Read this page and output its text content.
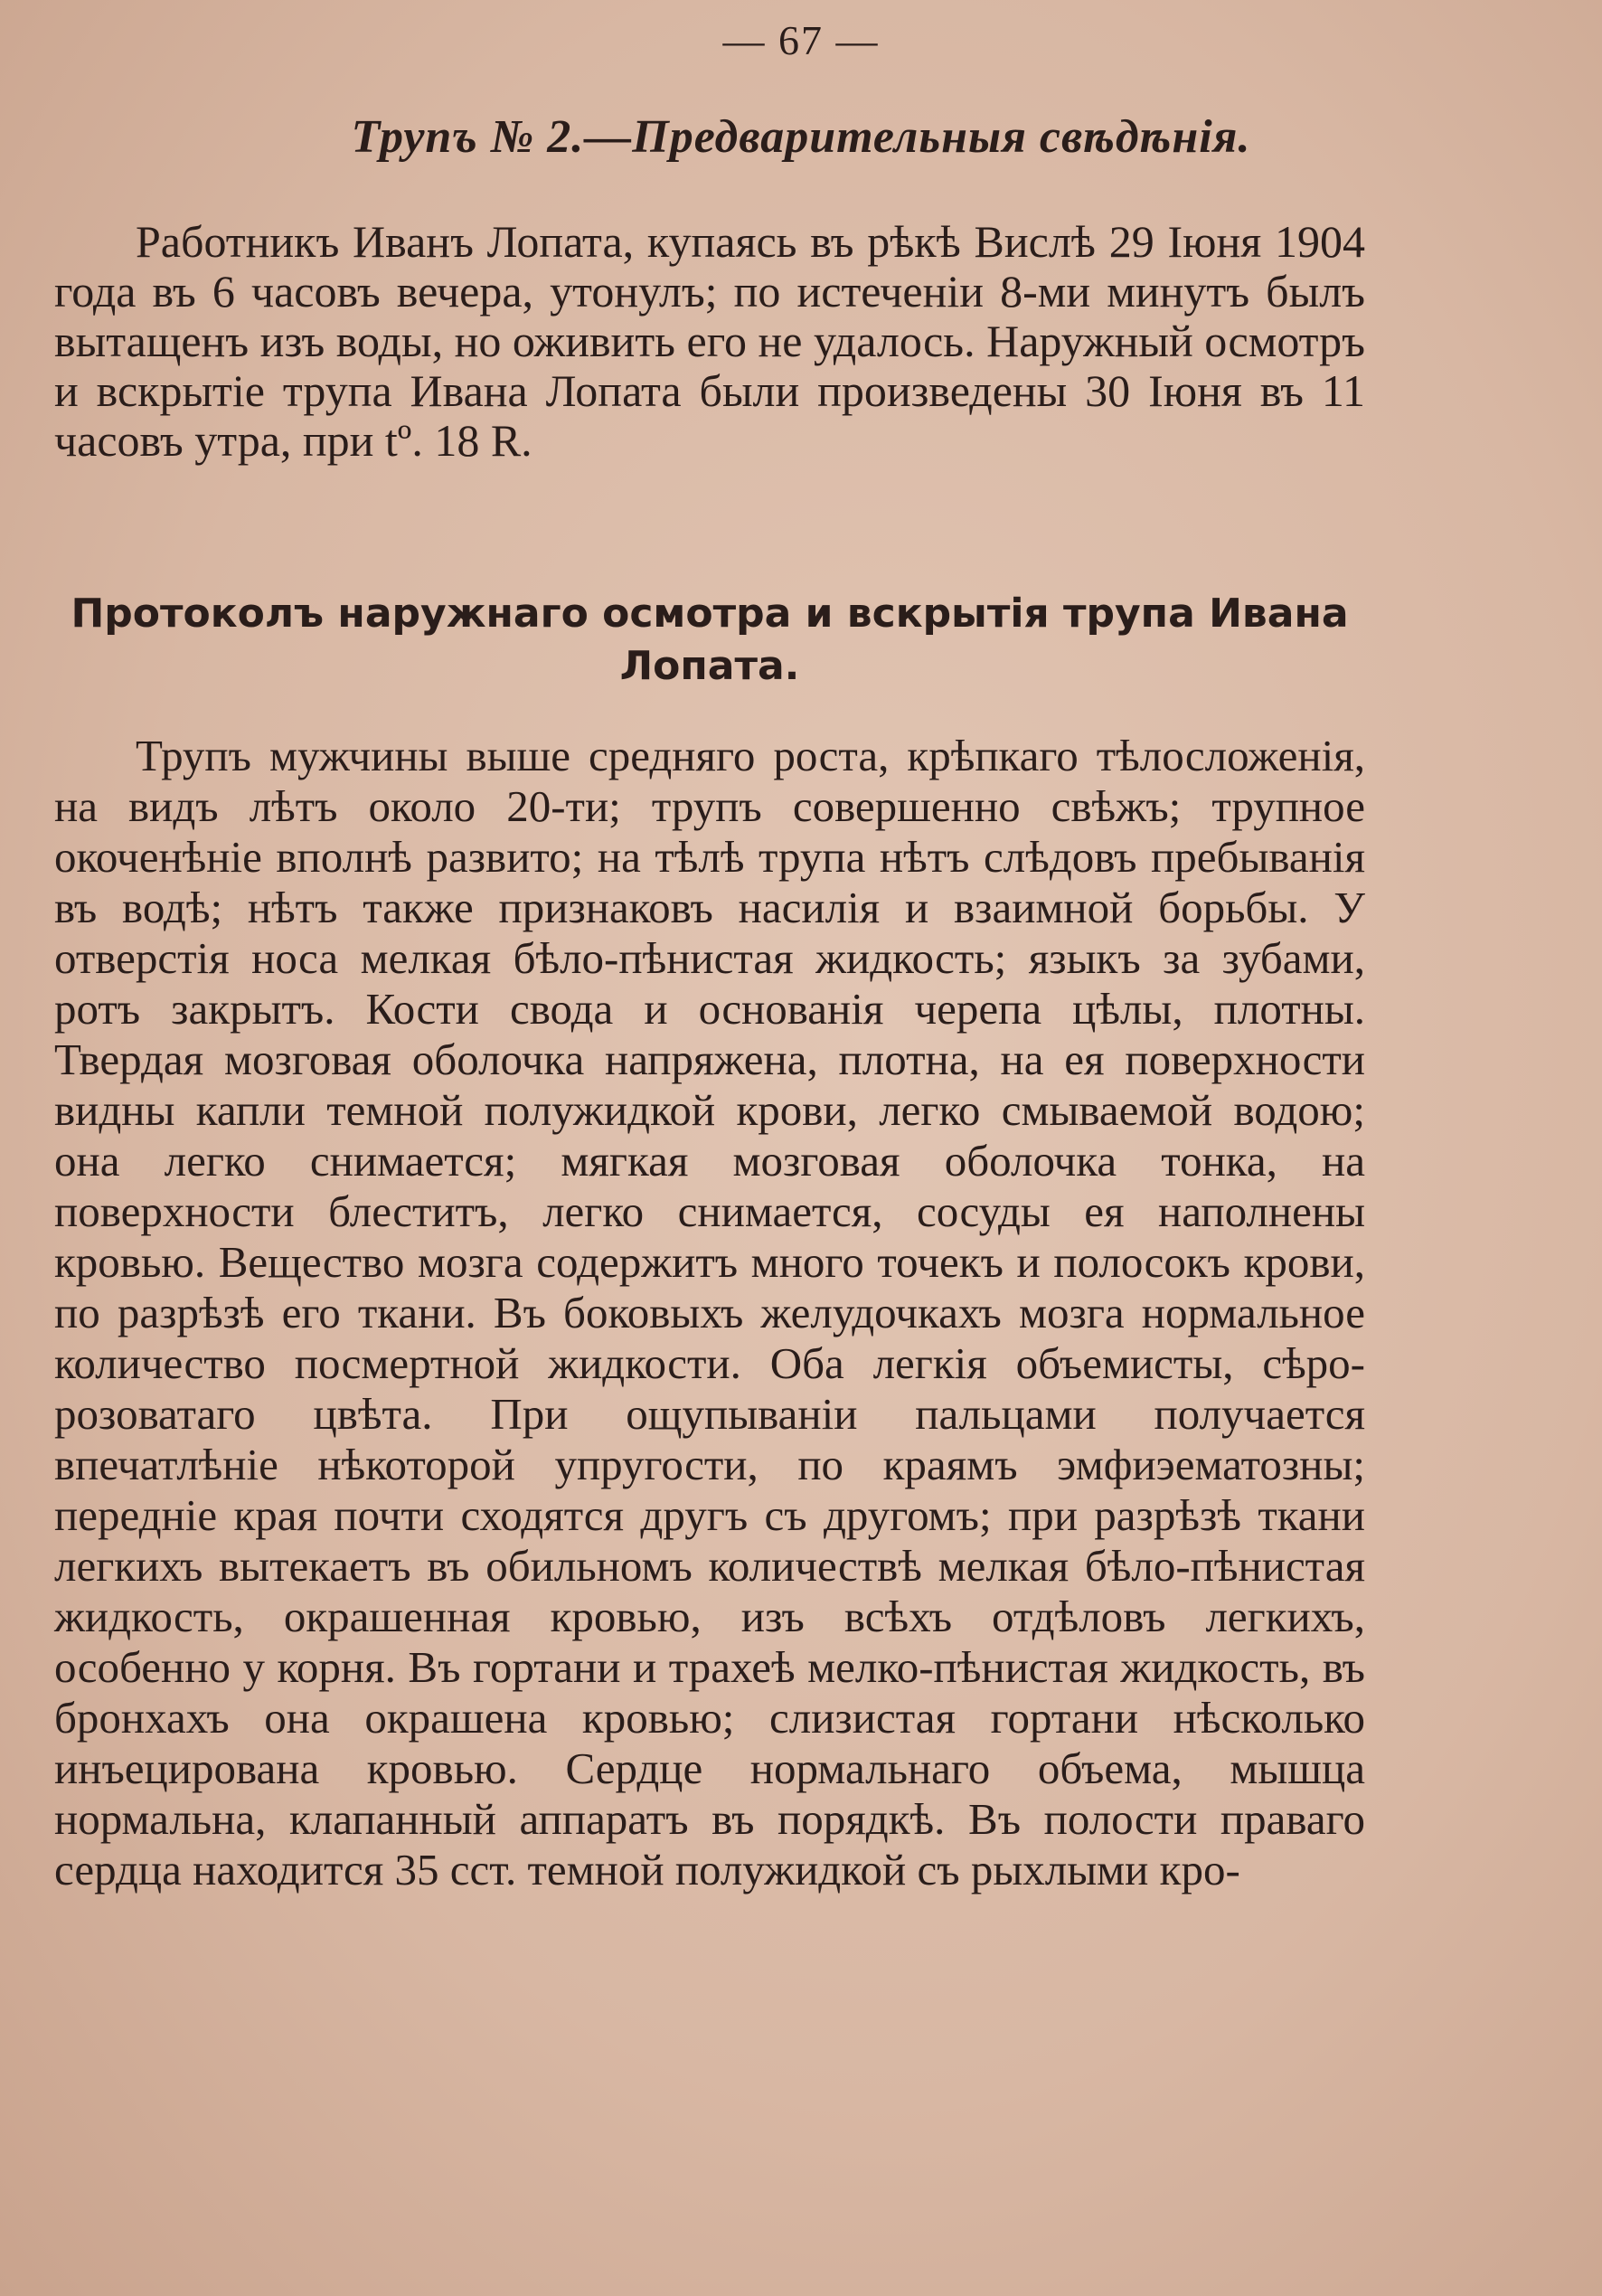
— 67 —
Трупъ № 2.—Предварительныя свѣдѣнія.

Работникъ Иванъ Лопата, купаясь въ рѣкѣ Вислѣ 29 Іюня 1904 года въ 6 часовъ вечера, утонулъ; по истеченіи 8-ми минутъ былъ вытащенъ изъ воды, но оживить его не удалось. Наружный осмотръ и вскрытіе трупа Ивана Лопата были произведены 30 Іюня въ 11 часовъ утра, при tº. 18 R.

Протоколъ наружнаго осмотра и вскрытія трупа Ивана Лопата.

Трупъ мужчины выше средняго роста, крѣпкаго тѣлосложенія, на видъ лѣтъ около 20-ти; трупъ совершенно свѣжъ; трупное окоченѣніе вполнѣ развито; на тѣлѣ трупа нѣтъ слѣдовъ пребыванія въ водѣ; нѣтъ также признаковъ насилія и взаимной борьбы. У отверстія носа мелкая бѣло-пѣнистая жидкость; языкъ за зубами, ротъ закрытъ. Кости свода и основанія черепа цѣлы, плотны. Твердая мозговая оболочка напряжена, плотна, на ея поверхности видны капли темной полужидкой крови, легко смываемой водою; она легко снимается; мягкая мозговая оболочка тонка, на поверхности блеститъ, легко снимается, сосуды ея наполнены кровью. Вещество мозга содержитъ много точекъ и полосокъ крови, по разрѣзѣ его ткани. Въ боковыхъ желудочкахъ мозга нормальное количество посмертной жидкости. Оба легкія объемисты, сѣро-розоватаго цвѣта. При ощупываніи пальцами получается впечатлѣніе нѣкоторой упругости, по краямъ эмфиэематозны; передніе края почти сходятся другъ съ другомъ; при разрѣзѣ ткани легкихъ вытекаетъ въ обильномъ количествѣ мелкая бѣло-пѣнистая жидкость, окрашенная кровью, изъ всѣхъ отдѣловъ легкихъ, особенно у корня. Въ гортани и трахеѣ мелко-пѣнистая жидкость, въ бронхахъ она окрашена кровью; слизистая гортани нѣсколько инъецирована кровью. Сердце нормальнаго объема, мышца нормальна, клапанный аппаратъ въ порядкѣ. Въ полости праваго сердца находится 35 cст. темной полужидкой съ рыхлыми кро-
